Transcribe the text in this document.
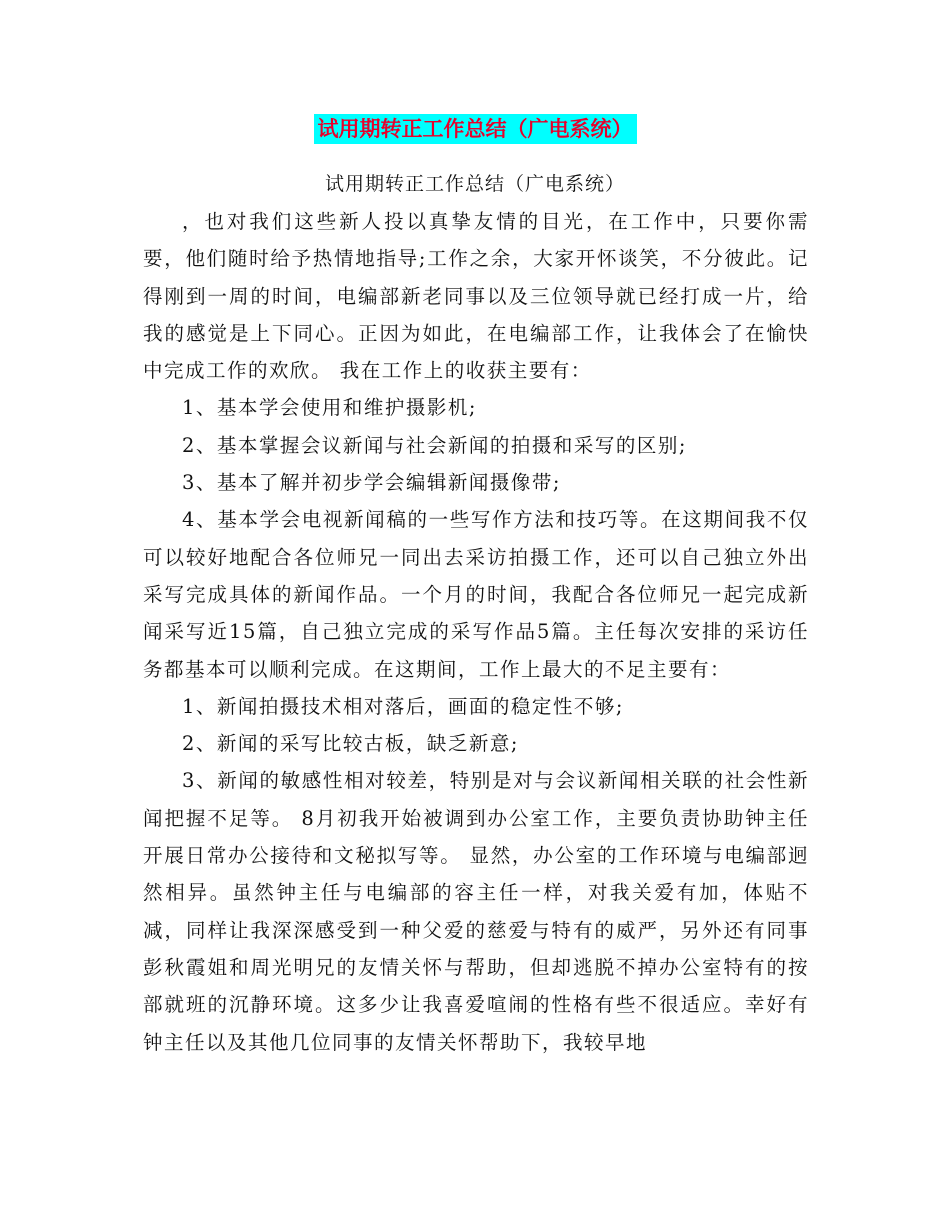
试用期转正工作总结（广电系统）
试用期转正工作总结（广电系统）

，也对我们这些新人投以真挚友情的目光，在工作中，只要你需要，他们随时给予热情地指导;工作之余，大家开怀谈笑，不分彼此。记得刚到一周的时间，电编部新老同事以及三位领导就已经打成一片，给我的感觉是上下同心。正因为如此，在电编部工作，让我体会了在愉快中完成工作的欢欣。 我在工作上的收获主要有：

1、基本学会使用和维护摄影机;

2、基本掌握会议新闻与社会新闻的拍摄和采写的区别;

3、基本了解并初步学会编辑新闻摄像带;

4、基本学会电视新闻稿的一些写作方法和技巧等。在这期间我不仅可以较好地配合各位师兄一同出去采访拍摄工作，还可以自己独立外出采写完成具体的新闻作品。一个月的时间，我配合各位师兄一起完成新闻采写近15篇，自己独立完成的采写作品5篇。主任每次安排的采访任务都基本可以顺利完成。在这期间，工作上最大的不足主要有：

1、新闻拍摄技术相对落后，画面的稳定性不够;

2、新闻的采写比较古板，缺乏新意;

3、新闻的敏感性相对较差，特别是对与会议新闻相关联的社会性新闻把握不足等。 8月初我开始被调到办公室工作，主要负责协助钟主任开展日常办公接待和文秘拟写等。 显然，办公室的工作环境与电编部迥然相异。虽然钟主任与电编部的容主任一样，对我关爱有加，体贴不减，同样让我深深感受到一种父爱的慈爱与特有的威严，另外还有同事彭秋霞姐和周光明兄的友情关怀与帮助，但却逃脱不掉办公室特有的按部就班的沉静环境。这多少让我喜爱喧闹的性格有些不很适应。幸好有钟主任以及其他几位同事的友情关怀帮助下，我较早地
